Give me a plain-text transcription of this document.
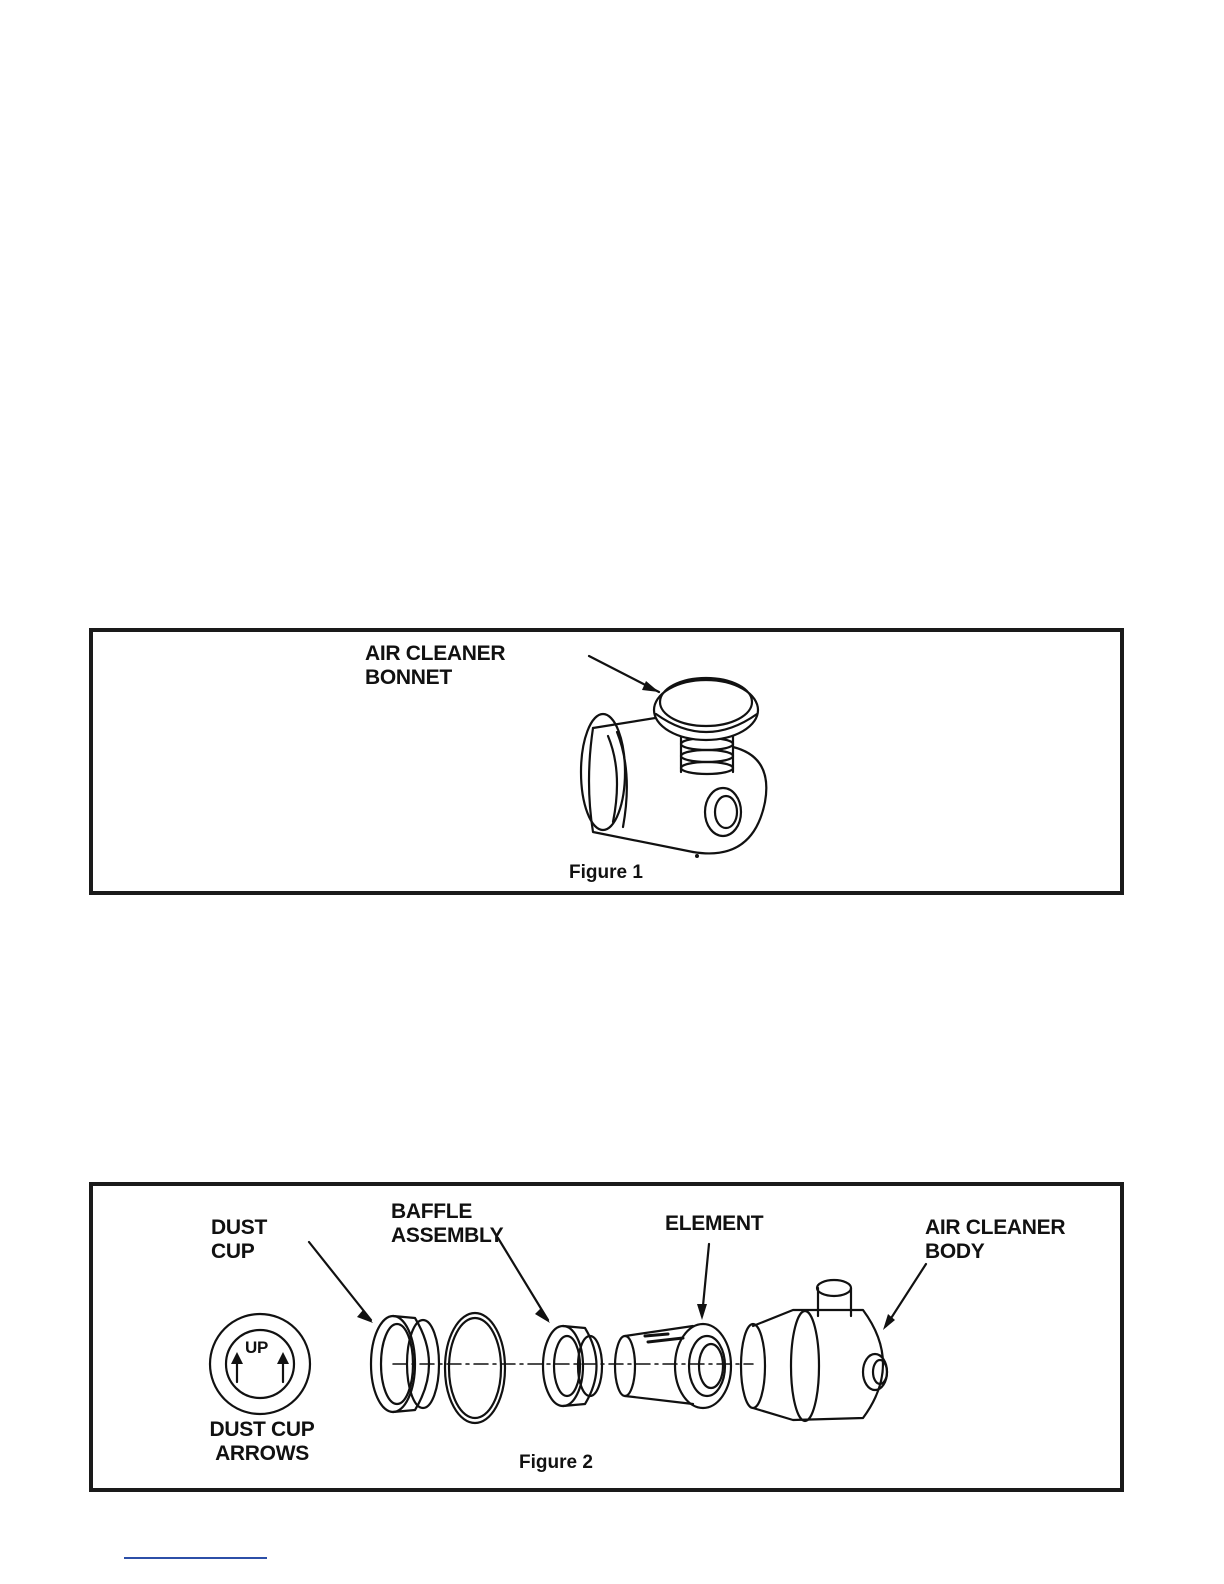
AIR CLEANER
BONNET
Figure 1
DUST
CUP
BAFFLE
ASSEMBLY
ELEMENT	AIR CLEANER
BODY
UP
DUST CUP
ARROWS	Figure 2
